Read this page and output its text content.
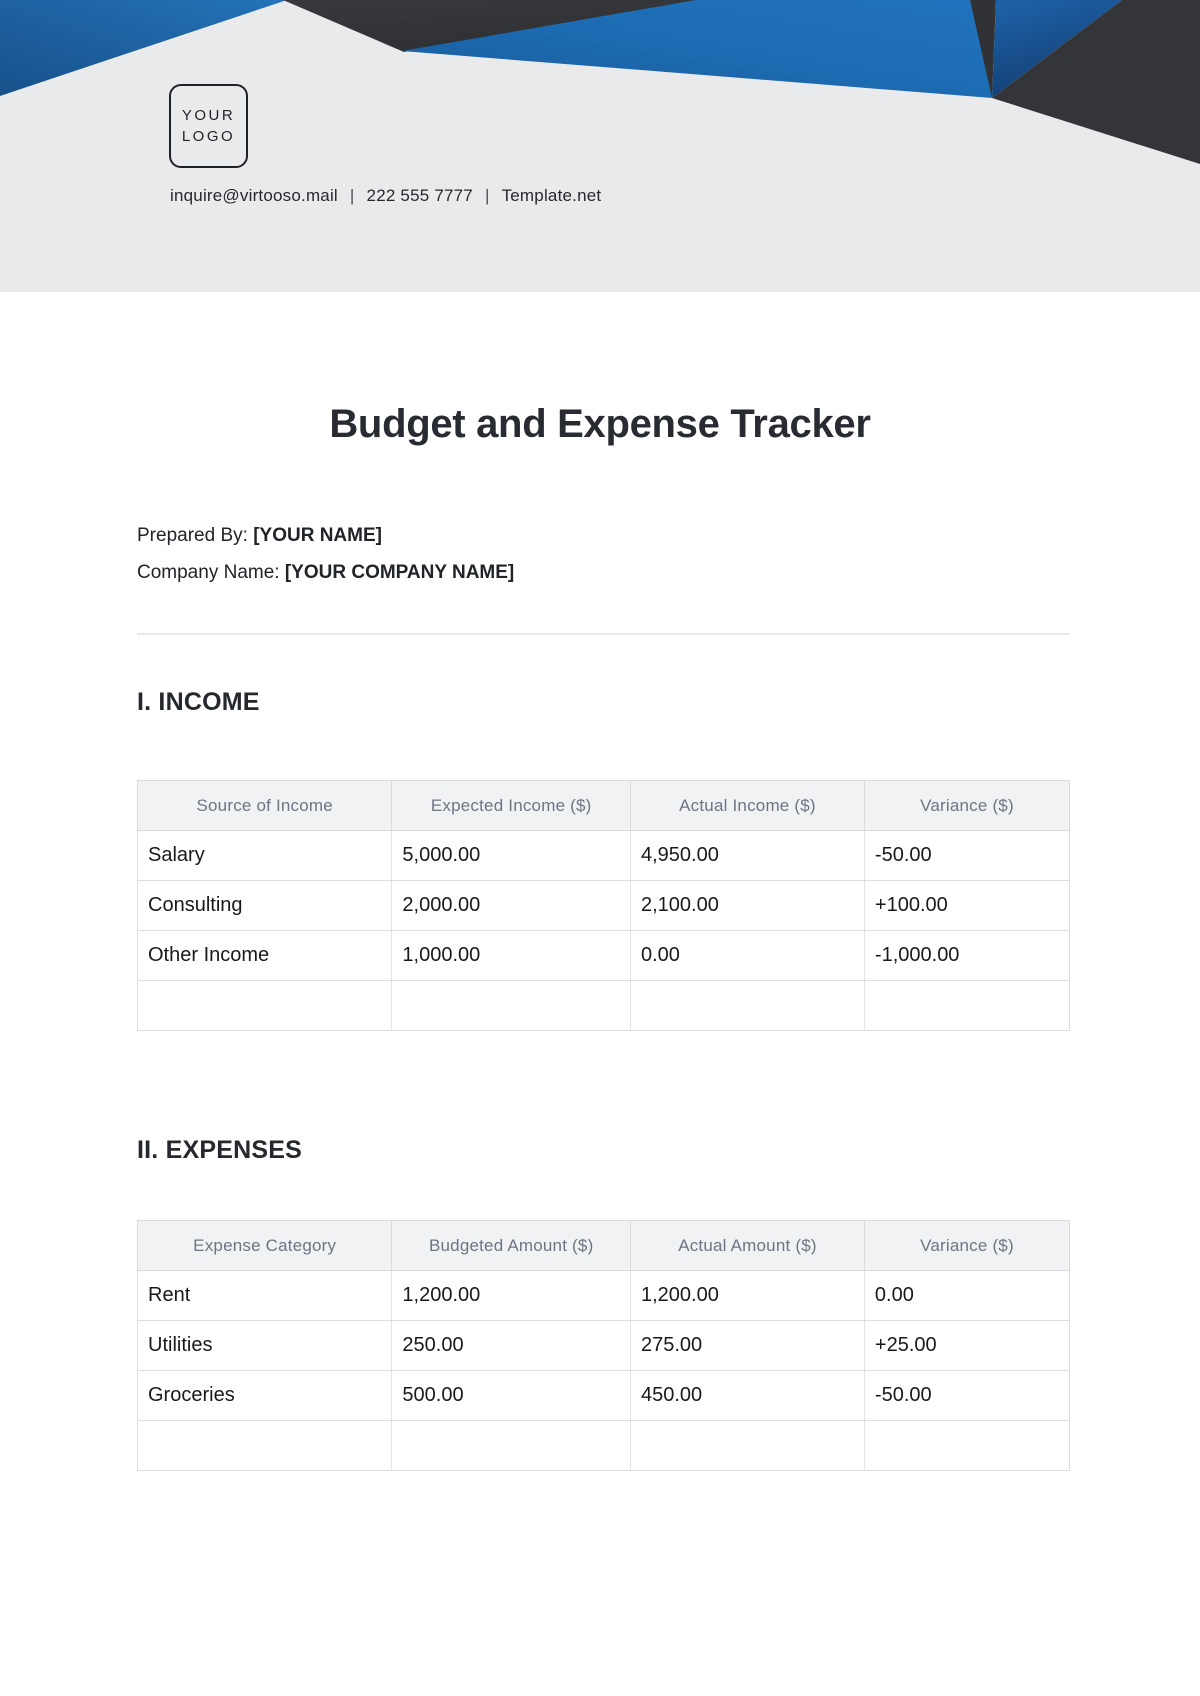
YOUR
LOGO
inquire@virtooso.mail | 222 555 7777 | Template.net
Budget and Expense Tracker
Prepared By: [YOUR NAME]
Company Name: [YOUR COMPANY NAME]
I. INCOME
Source of Income	Expected Income ($)	Actual Income ($)	Variance ($)
Salary	5,000.00	4,950.00	-50.00
Consulting	2,000.00	2,100.00	+100.00
Other Income	1,000.00	0.00	-1,000.00

II. EXPENSES
Expense Category	Budgeted Amount ($)	Actual Amount ($)	Variance ($)
Rent	1,200.00	1,200.00	0.00
Utilities	250.00	275.00	+25.00
Groceries	500.00	450.00	-50.00
